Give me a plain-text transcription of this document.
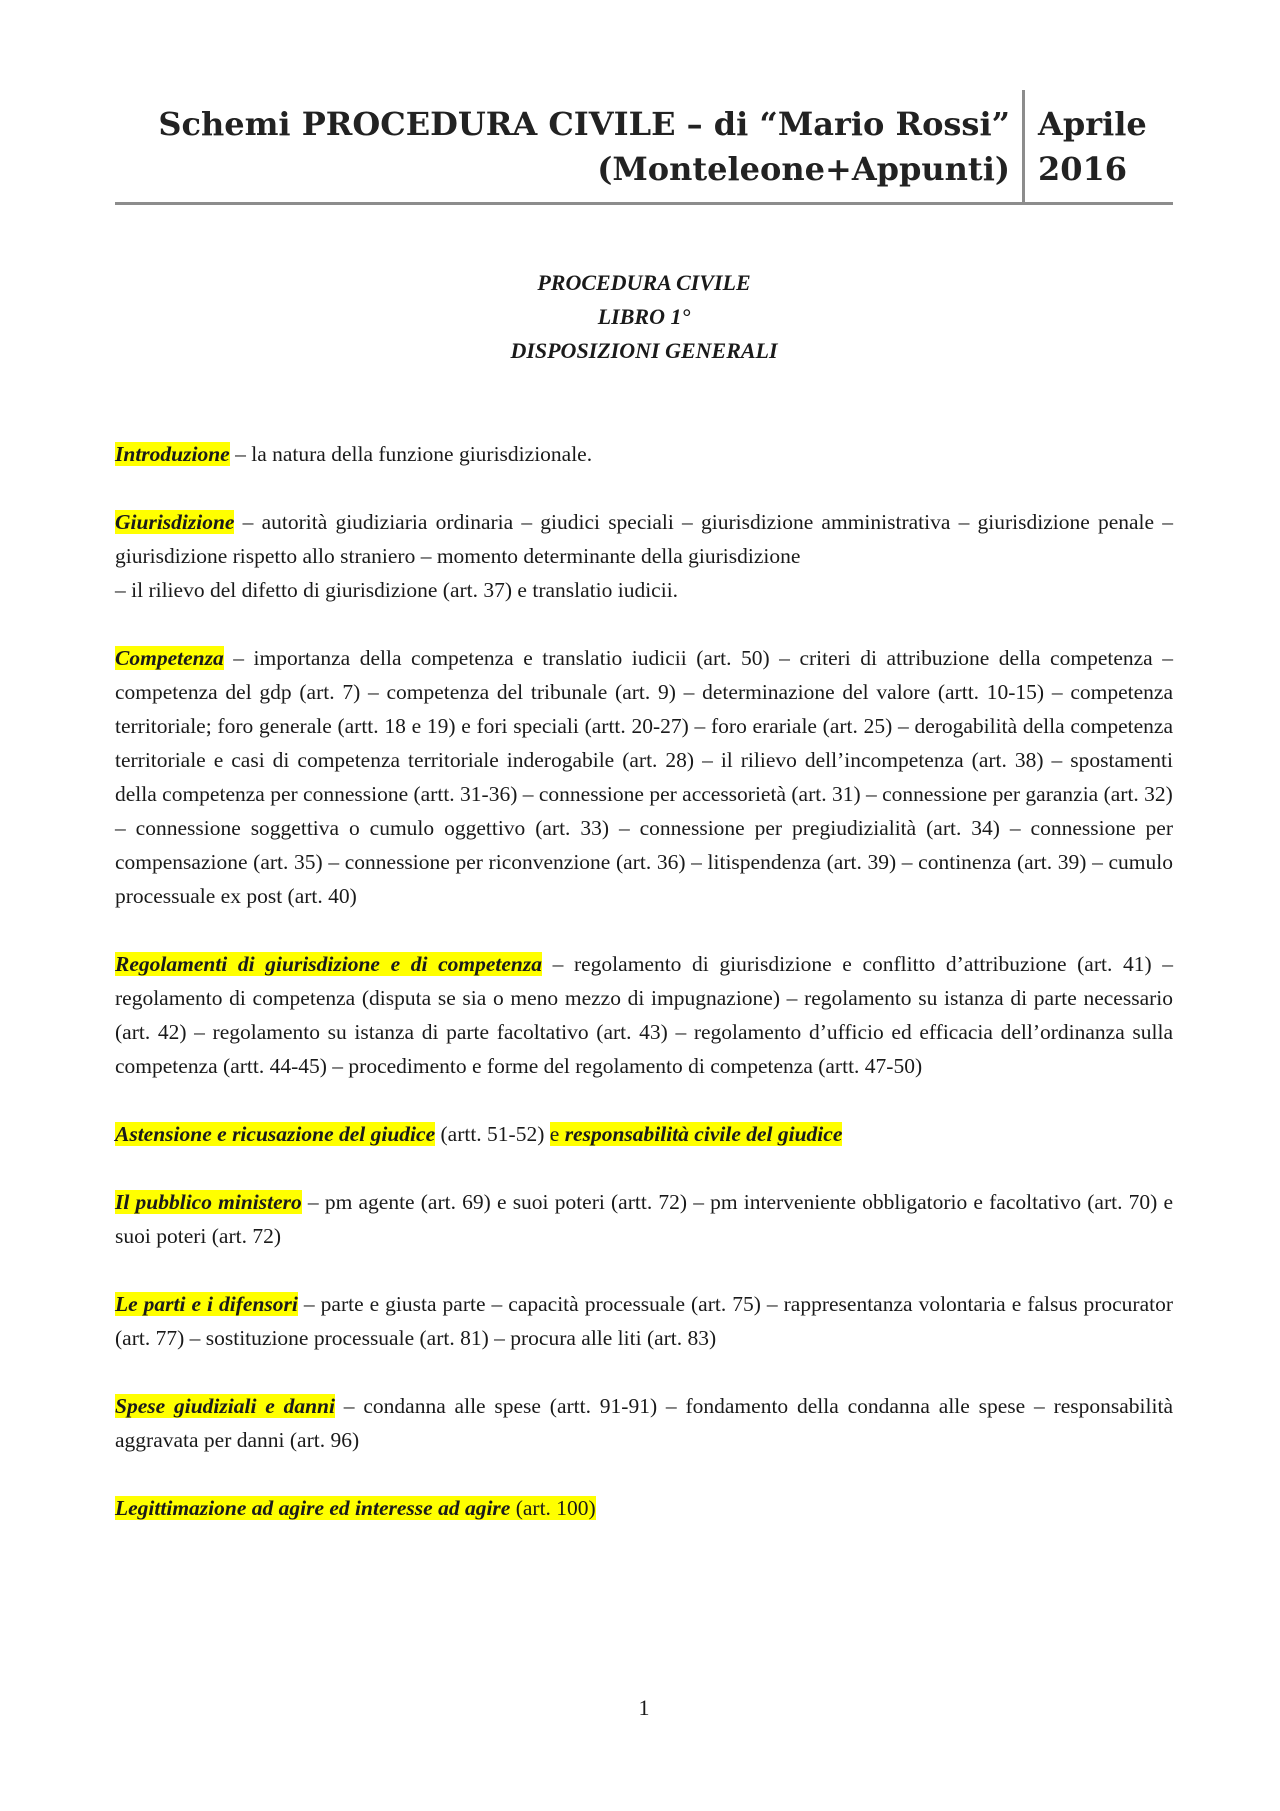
Schemi PROCEDURA CIVILE – di “Mario Rossi”
(Monteleone+Appunti)
Aprile
2016
PROCEDURA CIVILE
LIBRO 1°
DISPOSIZIONI GENERALI

Introduzione – la natura della funzione giurisdizionale.

Giurisdizione – autorità giudiziaria ordinaria – giudici speciali – giurisdizione amministrativa – giurisdizione penale – giurisdizione rispetto allo straniero – momento determinante della giurisdizione

– il rilievo del difetto di giurisdizione (art. 37) e translatio iudicii.

Competenza – importanza della competenza e translatio iudicii (art. 50) – criteri di attribuzione della competenza – competenza del gdp (art. 7) – competenza del tribunale (art. 9) – determinazione del valore (artt. 10-15) – competenza territoriale; foro generale (artt. 18 e 19) e fori speciali (artt. 20-27) – foro erariale (art. 25) – derogabilità della competenza territoriale e casi di competenza territoriale inderogabile (art. 28) – il rilievo dell’incompetenza (art. 38) – spostamenti della competenza per connessione (artt. 31-36) – connessione per accessorietà (art. 31) – connessione per garanzia (art. 32)

– connessione soggettiva o cumulo oggettivo (art. 33) – connessione per pregiudizialità (art. 34) – connessione per compensazione (art. 35) – connessione per riconvenzione (art. 36) – litispendenza (art. 39) – continenza (art. 39) – cumulo processuale ex post (art. 40)

Regolamenti di giurisdizione e di competenza – regolamento di giurisdizione e conflitto d’attribuzione (art. 41) – regolamento di competenza (disputa se sia o meno mezzo di impugnazione) – regolamento su istanza di parte necessario (art. 42) – regolamento su istanza di parte facoltativo (art. 43) – regolamento d’ufficio ed efficacia dell’ordinanza sulla competenza (artt. 44-45) – procedimento e forme del regolamento di competenza (artt. 47-50)

Astensione e ricusazione del giudice (artt. 51-52) e responsabilità civile del giudice

Il pubblico ministero – pm agente (art. 69) e suoi poteri (artt. 72) – pm interveniente obbligatorio e facoltativo (art. 70) e suoi poteri (art. 72)

Le parti e i difensori – parte e giusta parte – capacità processuale (art. 75) – rappresentanza volontaria e falsus procurator (art. 77) – sostituzione processuale (art. 81) – procura alle liti (art. 83)

Spese giudiziali e danni – condanna alle spese (artt. 91-91) – fondamento della condanna alle spese – responsabilità aggravata per danni (art. 96)

Legittimazione ad agire ed interesse ad agire (art. 100)

1
